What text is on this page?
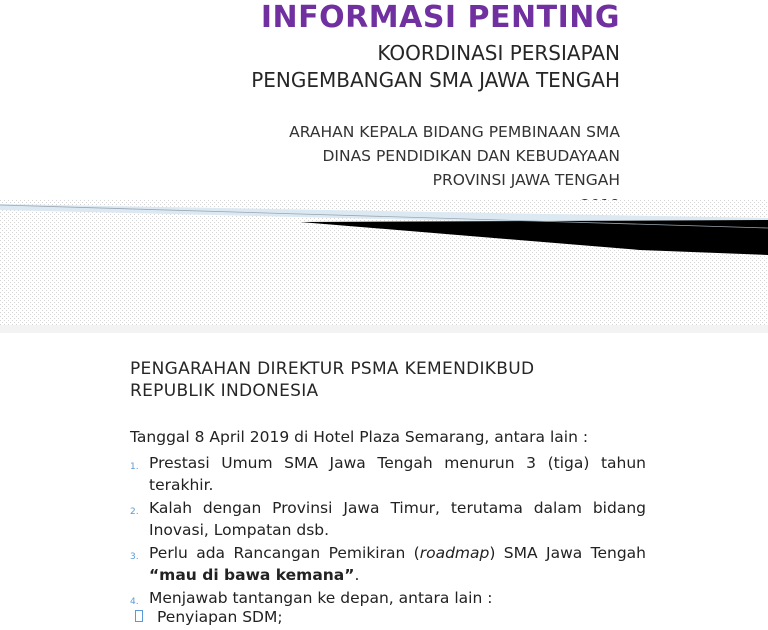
INFORMASI PENTING

KOORDINASI PERSIAPAN

PENGEMBANGAN SMA JAWA TENGAH

ARAHAN KEPALA BIDANG PEMBINAAN SMA

DINAS PENDIDIKAN DAN KEBUDAYAAN

PROVINSI JAWA TENGAH

PENGARAHAN DIREKTUR PSMA KEMENDIKBUD

REPUBLIK INDONESIA

Tanggal 8 April 2019 di Hotel Plaza Semarang, antara lain :

1. Prestasi Umum SMA Jawa Tengah menurun 3 (tiga) tahun terakhir.
2. Kalah dengan Provinsi Jawa Timur, terutama dalam bidang Inovasi, Lompatan dsb.
3. Perlu ada Rancangan Pemikiran (roadmap) SMA Jawa Tengah “mau di bawa kemana”.
4. Menjawab tantangan ke depan, antara lain :
Penyiapan SDM;
